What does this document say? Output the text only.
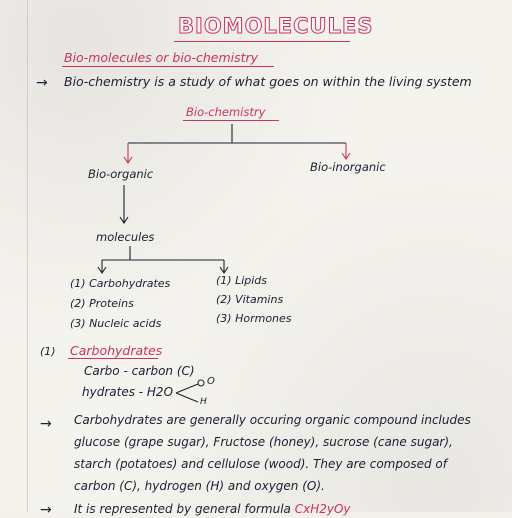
BIOMOLECULES
Bio-molecules or bio-chemistry
→ Bio-chemistry is a study of what goes on within the living system
Bio-chemistry
Bio-organic	Bio-inorganic
molecules
(1) Carbohydrates
(2) Proteins
(3) Nucleic acids
(1) Lipids
(2) Vitamins
(3) Hormones
(1) Carbohydrates
Carbo - carbon (C)
hydrates - H2O
O
H
→ Carbohydrates are generally occuring organic compound includes
glucose (grape sugar), Fructose (honey), sucrose (cane sugar),
starch (potatoes) and cellulose (wood). They are composed of
carbon (C), hydrogen (H) and oxygen (O).
→ It is represented by general formula CxH2yOy
